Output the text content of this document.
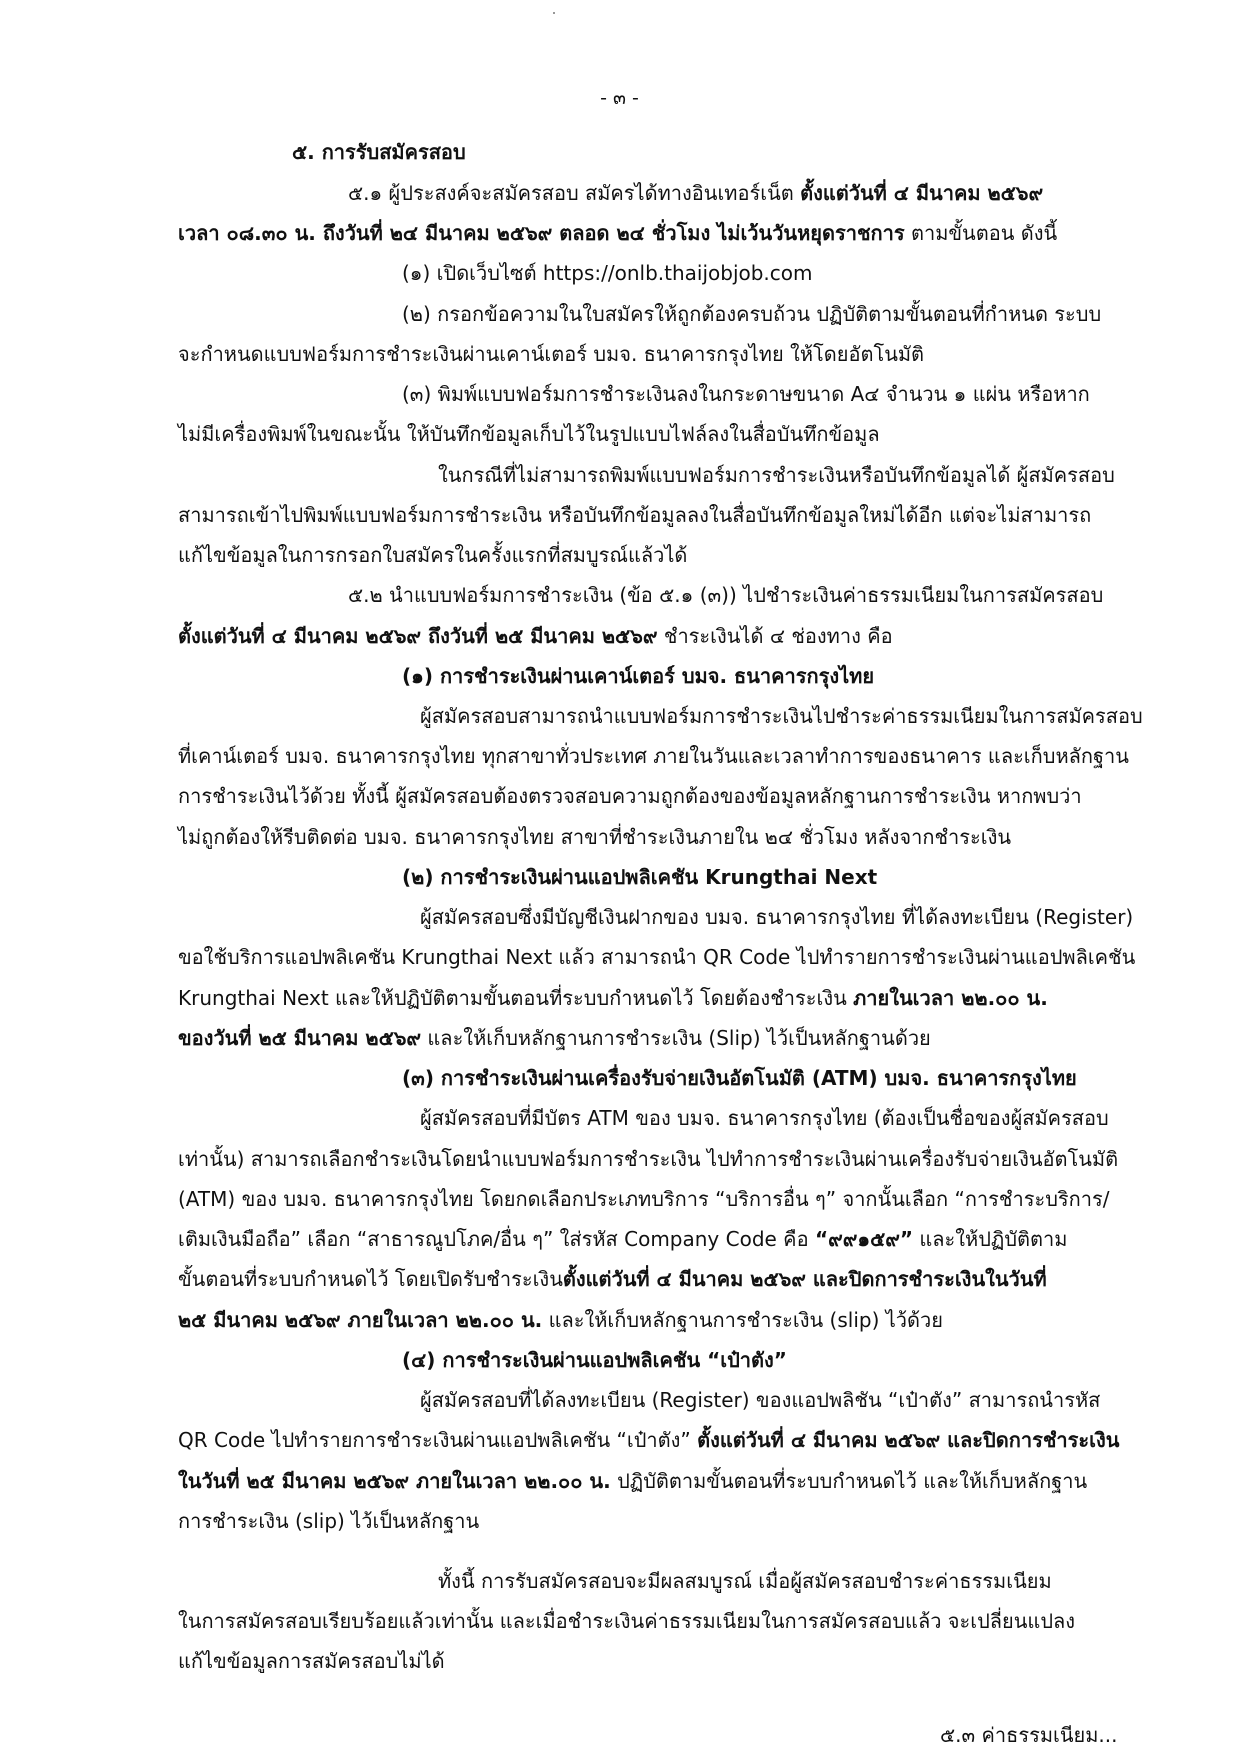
- ๓ -
๕. การรับสมัครสอบ
๕.๑ ผู้ประสงค์จะสมัครสอบ สมัครได้ทางอินเทอร์เน็ต ตั้งแต่วันที่ ๔ มีนาคม ๒๕๖๙
เวลา ๐๘.๓๐ น. ถึงวันที่ ๒๔ มีนาคม ๒๕๖๙ ตลอด ๒๔ ชั่วโมง ไม่เว้นวันหยุดราชการ ตามขั้นตอน ดังนี้
(๑) เปิดเว็บไซต์ https://onlb.thaijobjob.com
(๒) กรอกข้อความในใบสมัครให้ถูกต้องครบถ้วน ปฏิบัติตามขั้นตอนที่กำหนด ระบบ
จะกำหนดแบบฟอร์มการชำระเงินผ่านเคาน์เตอร์ บมจ. ธนาคารกรุงไทย ให้โดยอัตโนมัติ
(๓) พิมพ์แบบฟอร์มการชำระเงินลงในกระดาษขนาด A๔ จำนวน ๑ แผ่น หรือหาก
ไม่มีเครื่องพิมพ์ในขณะนั้น ให้บันทึกข้อมูลเก็บไว้ในรูปแบบไฟล์ลงในสื่อบันทึกข้อมูล
ในกรณีที่ไม่สามารถพิมพ์แบบฟอร์มการชำระเงินหรือบันทึกข้อมูลได้ ผู้สมัครสอบ
สามารถเข้าไปพิมพ์แบบฟอร์มการชำระเงิน หรือบันทึกข้อมูลลงในสื่อบันทึกข้อมูลใหม่ได้อีก แต่จะไม่สามารถ
แก้ไขข้อมูลในการกรอกใบสมัครในครั้งแรกที่สมบูรณ์แล้วได้
๕.๒ นำแบบฟอร์มการชำระเงิน (ข้อ ๕.๑ (๓)) ไปชำระเงินค่าธรรมเนียมในการสมัครสอบ
ตั้งแต่วันที่ ๔ มีนาคม ๒๕๖๙ ถึงวันที่ ๒๕ มีนาคม ๒๕๖๙ ชำระเงินได้ ๔ ช่องทาง คือ
(๑) การชำระเงินผ่านเคาน์เตอร์ บมจ. ธนาคารกรุงไทย
ผู้สมัครสอบสามารถนำแบบฟอร์มการชำระเงินไปชำระค่าธรรมเนียมในการสมัครสอบ
ที่เคาน์เตอร์ บมจ. ธนาคารกรุงไทย ทุกสาขาทั่วประเทศ ภายในวันและเวลาทำการของธนาคาร และเก็บหลักฐาน
การชำระเงินไว้ด้วย ทั้งนี้ ผู้สมัครสอบต้องตรวจสอบความถูกต้องของข้อมูลหลักฐานการชำระเงิน หากพบว่า
ไม่ถูกต้องให้รีบติดต่อ บมจ. ธนาคารกรุงไทย สาขาที่ชำระเงินภายใน ๒๔ ชั่วโมง หลังจากชำระเงิน
(๒) การชำระเงินผ่านแอปพลิเคชัน Krungthai Next
ผู้สมัครสอบซึ่งมีบัญชีเงินฝากของ บมจ. ธนาคารกรุงไทย ที่ได้ลงทะเบียน (Register)
ขอใช้บริการแอปพลิเคชัน Krungthai Next แล้ว สามารถนำ QR Code ไปทำรายการชำระเงินผ่านแอปพลิเคชัน
Krungthai Next และให้ปฏิบัติตามขั้นตอนที่ระบบกำหนดไว้ โดยต้องชำระเงิน ภายในเวลา ๒๒.๐๐ น.
ของวันที่ ๒๕ มีนาคม ๒๕๖๙ และให้เก็บหลักฐานการชำระเงิน (Slip) ไว้เป็นหลักฐานด้วย
(๓) การชำระเงินผ่านเครื่องรับจ่ายเงินอัตโนมัติ (ATM) บมจ. ธนาคารกรุงไทย
ผู้สมัครสอบที่มีบัตร ATM ของ บมจ. ธนาคารกรุงไทย (ต้องเป็นชื่อของผู้สมัครสอบ
เท่านั้น) สามารถเลือกชำระเงินโดยนำแบบฟอร์มการชำระเงิน ไปทำการชำระเงินผ่านเครื่องรับจ่ายเงินอัตโนมัติ
(ATM) ของ บมจ. ธนาคารกรุงไทย โดยกดเลือกประเภทบริการ “บริการอื่น ๆ” จากนั้นเลือก “การชำระบริการ/
เติมเงินมือถือ” เลือก “สาธารณูปโภค/อื่น ๆ” ใส่รหัส Company Code คือ “๙๙๑๕๙” และให้ปฏิบัติตาม
ขั้นตอนที่ระบบกำหนดไว้ โดยเปิดรับชำระเงินตั้งแต่วันที่ ๔ มีนาคม ๒๕๖๙ และปิดการชำระเงินในวันที่
๒๕ มีนาคม ๒๕๖๙ ภายในเวลา ๒๒.๐๐ น. และให้เก็บหลักฐานการชำระเงิน (slip) ไว้ด้วย
(๔) การชำระเงินผ่านแอปพลิเคชัน “เป๋าตัง”
ผู้สมัครสอบที่ได้ลงทะเบียน (Register) ของแอปพลิชัน “เป๋าตัง” สามารถนำรหัส
QR Code ไปทำรายการชำระเงินผ่านแอปพลิเคชัน “เป๋าตัง” ตั้งแต่วันที่ ๔ มีนาคม ๒๕๖๙ และปิดการชำระเงิน
ในวันที่ ๒๕ มีนาคม ๒๕๖๙ ภายในเวลา ๒๒.๐๐ น. ปฏิบัติตามขั้นตอนที่ระบบกำหนดไว้ และให้เก็บหลักฐาน
การชำระเงิน (slip) ไว้เป็นหลักฐาน
ทั้งนี้ การรับสมัครสอบจะมีผลสมบูรณ์ เมื่อผู้สมัครสอบชำระค่าธรรมเนียม
ในการสมัครสอบเรียบร้อยแล้วเท่านั้น และเมื่อชำระเงินค่าธรรมเนียมในการสมัครสอบแล้ว จะเปลี่ยนแปลง
แก้ไขข้อมูลการสมัครสอบไม่ได้
๕.๓ ค่าธรรมเนียม...
